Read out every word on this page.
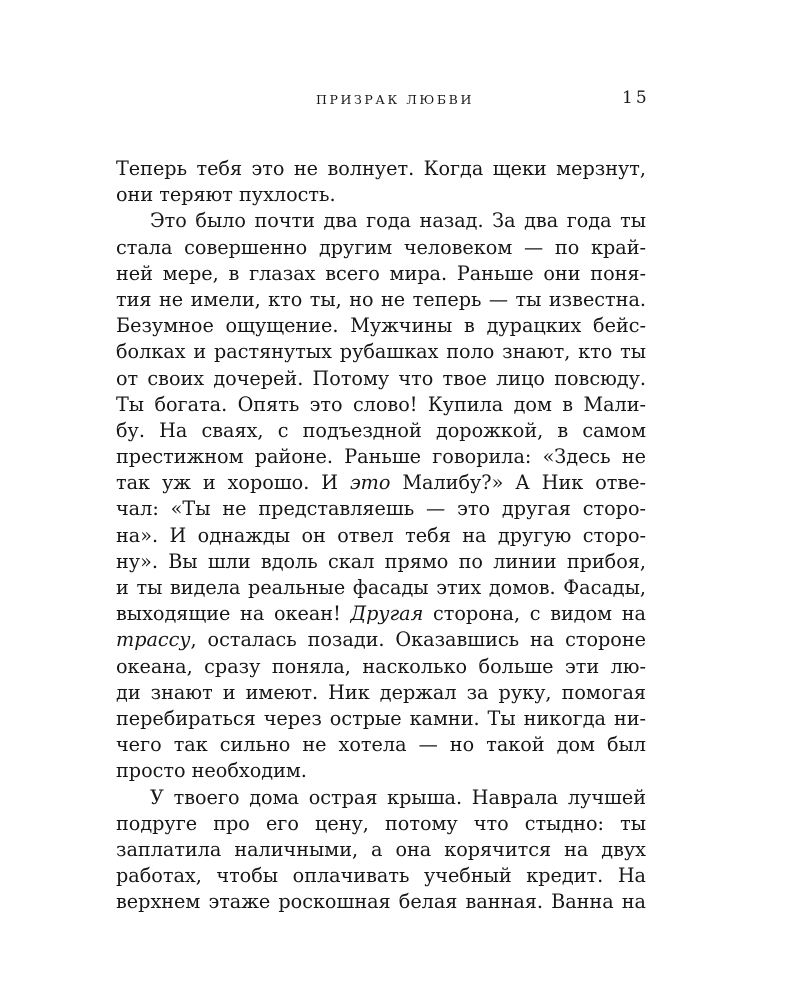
ПРИЗРАК ЛЮБВИ	15
Теперь тебя это не волнует. Когда щеки мерзнут,
они теряют пухлость.
Это было почти два года назад. За два года ты
стала совершенно другим человеком — по край-
ней мере, в глазах всего мира. Раньше они поня-
тия не имели, кто ты, но не теперь — ты известна.
Безумное ощущение. Мужчины в дурацких бейс-
болках и растянутых рубашках поло знают, кто ты
от своих дочерей. Потому что твое лицо повсюду.
Ты богата. Опять это слово! Купила дом в Мали-
бу. На сваях, с подъездной дорожкой, в самом
престижном районе. Раньше говорила: «Здесь не
так уж и хорошо. И это Малибу?» А Ник отве-
чал: «Ты не представляешь — это другая сторо-
на». И однажды он отвел тебя на другую сторо-
ну». Вы шли вдоль скал прямо по линии прибоя,
и ты видела реальные фасады этих домов. Фасады,
выходящие на океан! Другая сторона, с видом на
трассу, осталась позади. Оказавшись на стороне
океана, сразу поняла, насколько больше эти лю-
ди знают и имеют. Ник держал за руку, помогая
перебираться через острые камни. Ты никогда ни-
чего так сильно не хотела — но такой дом был
просто необходим.
У твоего дома острая крыша. Наврала лучшей
подруге про его цену, потому что стыдно: ты
заплатила наличными, а она корячится на двух
работах, чтобы оплачивать учебный кредит. На
верхнем этаже роскошная белая ванная. Ванна на
